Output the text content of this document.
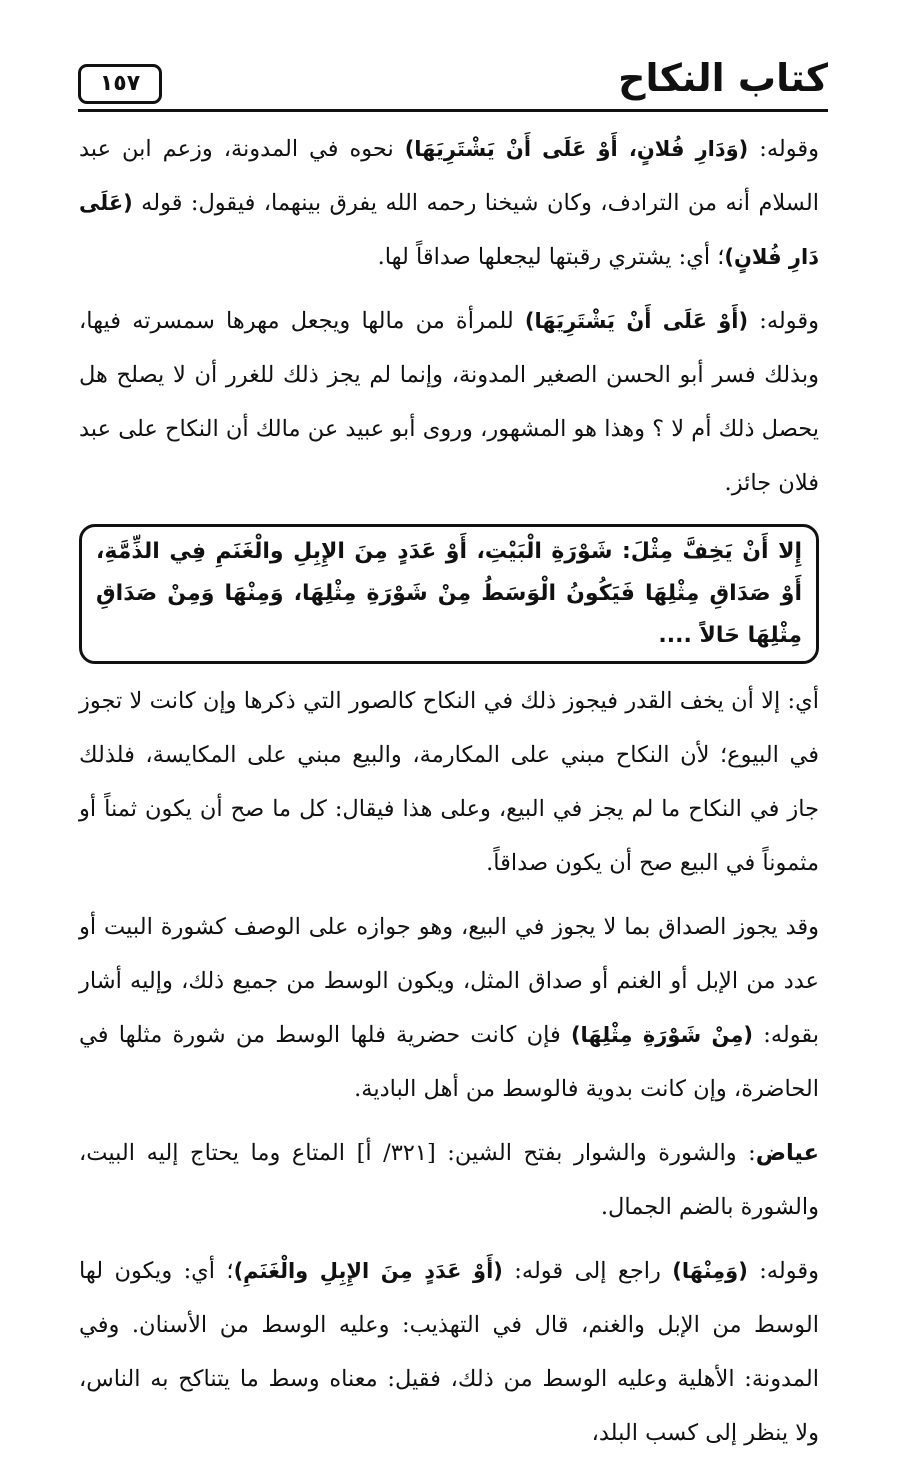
١٥٧	كتاب النكاح

وقوله: (وَدَارِ فُلانٍ، أَوْ عَلَى أَنْ يَشْتَرِيَهَا) نحوه في المدونة، وزعم ابن عبد السلام أنه من الترادف، وكان شيخنا رحمه الله يفرق بينهما، فيقول: قوله (عَلَى دَارِ فُلانٍ)؛ أي: يشتري رقبتها ليجعلها صداقاً لها.

وقوله: (أَوْ عَلَى أَنْ يَشْتَرِيَهَا) للمرأة من مالها ويجعل مهرها سمسرته فيها، وبذلك فسر أبو الحسن الصغير المدونة، وإنما لم يجز ذلك للغرر أن لا يصلح هل يحصل ذلك أم لا ؟ وهذا هو المشهور، وروى أبو عبيد عن مالك أن النكاح على عبد فلان جائز.

إِلا أَنْ يَخِفَّ مِثْلَ: شَوْرَةِ الْبَيْتِ، أَوْ عَدَدٍ مِنَ الإِبِلِ والْغَنَمِ فِي الذِّمَّةِ، أَوْ صَدَاقِ مِثْلِهَا فَيَكُونُ الْوَسَطُ مِنْ شَوْرَةِ مِثْلِهَا، وَمِنْهَا وَمِنْ صَدَاقِ مِثْلِهَا حَالاً ....

أي: إلا أن يخف القدر فيجوز ذلك في النكاح كالصور التي ذكرها وإن كانت لا تجوز في البيوع؛ لأن النكاح مبني على المكارمة، والبيع مبني على المكايسة، فلذلك جاز في النكاح ما لم يجز في البيع، وعلى هذا فيقال: كل ما صح أن يكون ثمناً أو مثموناً في البيع صح أن يكون صداقاً.

وقد يجوز الصداق بما لا يجوز في البيع، وهو جوازه على الوصف كشورة البيت أو عدد من الإبل أو الغنم أو صداق المثل، ويكون الوسط من جميع ذلك، وإليه أشار بقوله: (مِنْ شَوْرَةِ مِثْلِهَا) فإن كانت حضرية فلها الوسط من شورة مثلها في الحاضرة، وإن كانت بدوية فالوسط من أهل البادية.

عياض: والشورة والشوار بفتح الشين: [٣٢١/ أ] المتاع وما يحتاج إليه البيت، والشورة بالضم الجمال.

وقوله: (وَمِنْهَا) راجع إلى قوله: (أَوْ عَدَدٍ مِنَ الإِبِلِ والْغَنَمِ)؛ أي: ويكون لها الوسط من الإبل والغنم، قال في التهذيب: وعليه الوسط من الأسنان. وفي المدونة: الأهلية وعليه الوسط من ذلك، فقيل: معناه وسط ما يتناكح به الناس، ولا ينظر إلى كسب البلد،
